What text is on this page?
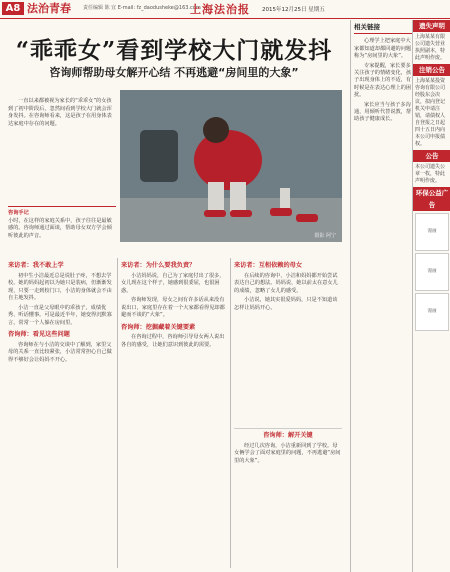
A8 法治青春 责任编辑 陈 宜 E-mail: fz_daodusheke@163.com
上海法治报 2015年12月25日 星期五
“乖乖女”看到学校大门就发抖
咨询师帮助母女解开心结 不再逃避“房间里的大象”
一直以来都被视为家长的“乖乖女”的女孩到了初中阶段后，忽然间看到学校大门就会浑身发抖。在咨询师看来，这是孩子在用身体表达家庭中存在的问题。
咨询手记
小时，在这样的家庭关系中，孩子往往是最敏感的。咨询师通过面谈，帮助母女双方学会倾听彼此的声音。	摄影 阿宁
来访者：我不敢上学

初中生小洁最近总是说肚子疼，不想去学校。她的妈妈起初以为她只是装病，但渐渐发现，只要一走到校门口，小洁的身体就会不由自主地发抖。

小洁一直是父母眼中的乖孩子，成绩优秀、听话懂事。可是最近半年，她变得沉默寡言，常常一个人躲在房间里。

咨询师：看见这些问题

咨询师在与小洁的交谈中了解到，家里父母的关系一直比较紧张，小洁常常担心自己做得不够好会让妈妈不开心。

来访者：为什么要我负责？

小洁妈妈说，自己为了家庭付出了很多，女儿现在这个样子，她感到很委屈，也很困惑。

咨询师发现，母女之间有许多话从来没有说出口，家庭里存在着一个大家都看得见却都避而不谈的“大象”。

咨询师：挖掘藏着关键要素

在咨询过程中，咨询师引导母女两人说出各自的感受，让她们意识到彼此的需要。

来访者：互相依赖的母女

在后续的咨询中，小洁和妈妈都开始尝试表达自己的想法。妈妈说，她以前太在意女儿的成绩，忽略了女儿的感受。

小洁说，她其实很爱妈妈，只是不知道该怎样让妈妈开心。

咨询师：解开关键

经过几次咨询，小洁重新回到了学校。母女俩学会了面对家庭里的问题，不再逃避“房间里的大象”。

相关链接

心理学上把家庭中大家都知道却都回避的问题称为“房间里的大象”。

专家提醒，家长要多关注孩子的情绪变化，孩子出现身体上的不适，有时候是在表达心理上的困扰。

家长应当与孩子多沟通，用倾听代替说教，帮助孩子健康成长。

遗失声明

上海某某有限公司遗失营业执照副本，特此声明作废。

注销公告

上海某某投资咨询有限公司经股东会决议，拟向登记机关申请注销，请债权人自登报之日起四十五日内向本公司申报债权。

公告

本公司遗失公章一枚，特此声明作废。

环保公益广告
漫画
漫画
漫画
